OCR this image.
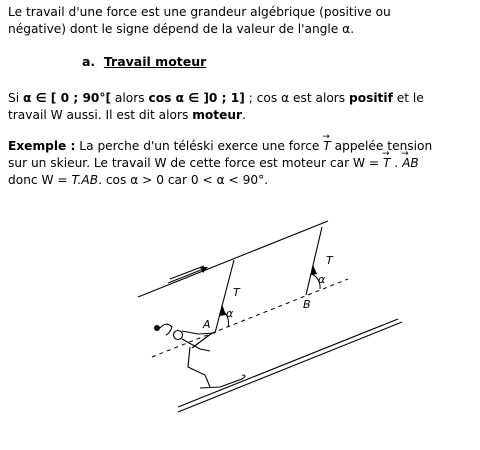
Le travail d'une force est une grandeur algébrique (positive ou
négative) dont le signe dépend de la valeur de l'angle α.

a. Travail moteur

Si α ∈ [ 0 ; 90°[ alors cos α ∈ ]0 ; 1] ; cos α est alors positif et le
travail W aussi. Il est dit alors moteur.

Exemple : La perche d'un téléski exerce une force → T appelée tension
sur un skieur. Le travail W de cette force est moteur car W = → T . → AB
donc W = T.AB. cos α > 0 car 0 < α < 90°.

T
T
A
B
α
α
